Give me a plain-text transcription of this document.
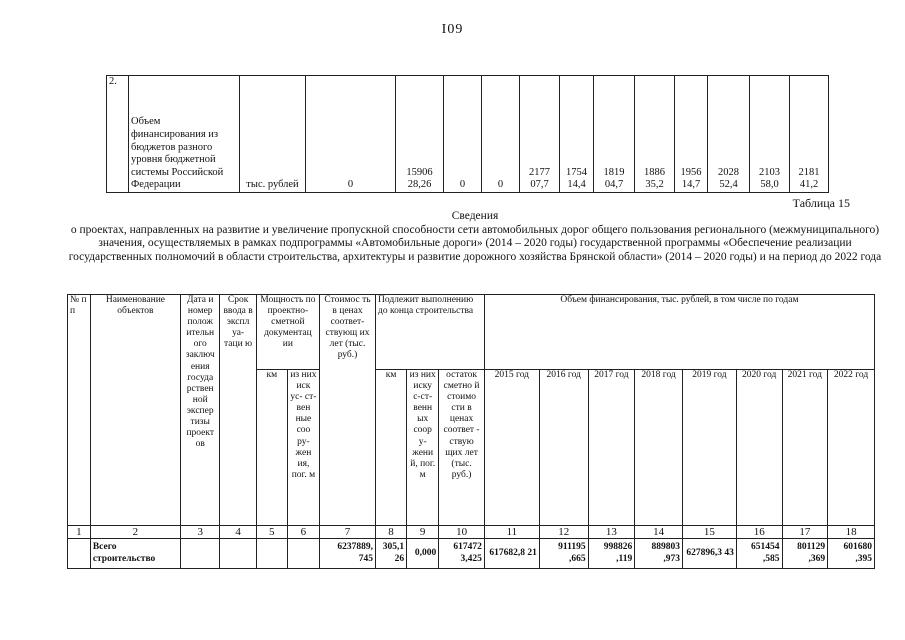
I09
2.	Объем финансирования из бюджетов разного уровня бюджетной системы Российской Федерации	тыс. рублей	0	15906 28,26	0	0	2177 07,7	1754 14,4	1819 04,7	1886 35,2	1956 14,7	2028 52,4	2103 58,0	2181 41,2
Таблица 15
Сведения
о проектах, направленных на развитие и увеличение пропускной способности сети автомобильных дорог общего пользования регионального (межмуниципального) значения, осуществляемых в рамках подпрограммы «Автомобильные дороги» (2014 – 2020 годы) государственной программы «Обеспечение реализации государственных полномочий в области строительства, архитектуры и развитие дорожного хозяйства Брянской области» (2014 – 2020 годы) и на период до 2022 года
№ п п	Наименование объектов	Дата и номер полож ительн ого заключ ения госуда рствен ной экспер тизы проект ов	Срок ввода в экспл уа- таци ю	Мощность по проектно- сметной документац ии		Стоимос ть в ценах соответ- ствующ их лет (тыс. руб.)	Подлежит выполнению до конца строительства			Объем финансирования, тыс. рублей, в том числе по годам							
				км	из них иск ус- ст- вен ные соо ру- жен ия, пог. м		км	из них иску с-ст- венн ых соор у- жени й, пог. м	остаток сметно й стоимо сти в ценах соответ - ствую щих лет (тыс. руб.)	2015 год	2016 год	2017 год	2018 год	2019 год	2020 год	2021 год	2022 год

1	2	3	4	5	6	7	8	9	10	11	12	13	14	15	16	17	18
	Всего строительство					6237889, 745	305,1 26	0,000	617472 3,425	617682,8 21	911195 ,665	998826 ,119	889803 ,973	627896,3 43	651454 ,585	801129 ,369	601680 ,395
